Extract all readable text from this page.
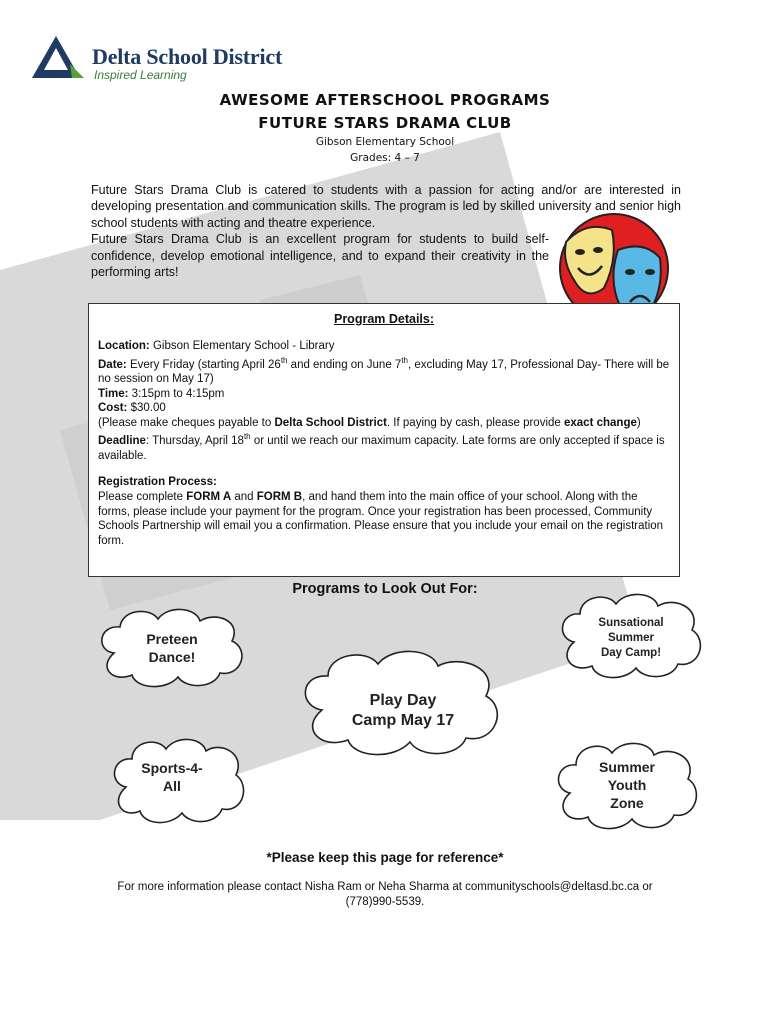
Delta School District
Inspired Learning
AWESOME AFTERSCHOOL PROGRAMS
FUTURE STARS DRAMA CLUB
Gibson Elementary School
Grades: 4 – 7
Future Stars Drama Club is catered to students with a passion for acting and/or are interested in developing presentation and communication skills. The program is led by skilled university and senior high school students with acting and theatre experience.
Future Stars Drama Club is an excellent program for students to build self-confidence, develop emotional intelligence, and to expand their creativity in the performing arts!
Program Details:

Location: Gibson Elementary School - Library

Date: Every Friday (starting April 26th and ending on June 7th, excluding May 17, Professional Day- There will be no session on May 17)

Time: 3:15pm to 4:15pm

Cost: $30.00

(Please make cheques payable to Delta School District. If paying by cash, please provide exact change)

Deadline: Thursday, April 18th or until we reach our maximum capacity. Late forms are only accepted if space is available.

Registration Process:

Please complete FORM A and FORM B, and hand them into the main office of your school. Along with the forms, please include your payment for the program. Once your registration has been processed, Community Schools Partnership will email you a confirmation. Please ensure that you include your email on the registration form.

Programs to Look Out For:
Preteen
Dance!
Sunsational
Summer
Day Camp!
Play Day
Camp May 17
Sports-4-
All
Summer
Youth
Zone
*Please keep this page for reference*
For more information please contact Nisha Ram or Neha Sharma at communityschools@deltasd.bc.ca or
(778)990-5539.
